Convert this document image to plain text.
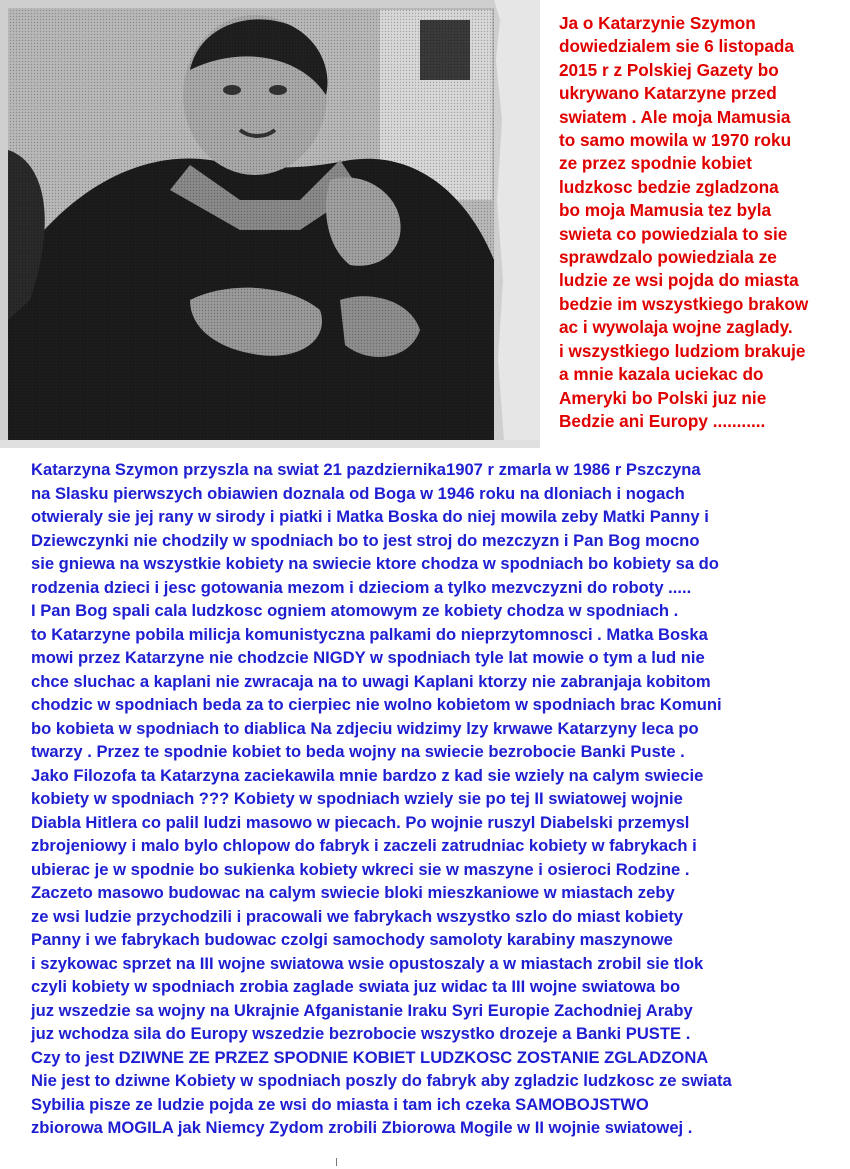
Ja o Katarzynie Szymon
dowiedzialem sie 6 listopada
2015 r z Polskiej Gazety bo
ukrywano Katarzyne przed
swiatem . Ale moja Mamusia
to samo mowila w 1970 roku
ze przez spodnie kobiet
ludzkosc bedzie zgladzona
bo moja Mamusia tez byla
swieta co powiedziala to sie
sprawdzalo powiedziala ze
ludzie ze wsi pojda do miasta
bedzie im wszystkiego brakow
ac i wywolaja wojne zaglady.
i wszystkiego ludziom brakuje
a mnie kazala uciekac do
Ameryki bo Polski juz nie
Bedzie ani Europy ...........
Katarzyna Szymon przyszla na swiat 21 pazdziernika1907 r zmarla w 1986 r Pszczyna
na Slasku pierwszych obiawien doznala od Boga w 1946 roku na dloniach i nogach
otwieraly sie jej rany w sirody i piatki i Matka Boska do niej mowila zeby Matki Panny i
Dziewczynki nie chodzily w spodniach bo to jest stroj do mezczyzn i Pan Bog mocno
sie gniewa na wszystkie kobiety na swiecie ktore chodza w spodniach bo kobiety sa do
rodzenia dzieci i jesc gotowania mezom i dzieciom a tylko mezvczyzni do roboty .....
I Pan Bog spali cala ludzkosc ogniem atomowym ze kobiety chodza w spodniach .
to Katarzyne pobila milicja komunistyczna palkami do nieprzytomnosci . Matka Boska
mowi przez Katarzyne nie chodzcie NIGDY w spodniach tyle lat mowie o tym a lud nie
chce sluchac a kaplani nie zwracaja na to uwagi Kaplani ktorzy nie zabranjaja kobitom
chodzic w spodniach beda za to cierpiec nie wolno kobietom w spodniach brac Komuni
bo kobieta w spodniach to diablica Na zdjeciu widzimy lzy krwawe Katarzyny leca po
twarzy . Przez te spodnie kobiet to beda wojny na swiecie bezrobocie Banki Puste .
Jako Filozofa ta Katarzyna zaciekawila mnie bardzo z kad sie wziely na calym swiecie
kobiety w spodniach ??? Kobiety w spodniach wziely sie po tej II swiatowej wojnie
Diabla Hitlera co palil ludzi masowo w piecach. Po wojnie ruszyl Diabelski przemysl
zbrojeniowy i malo bylo chlopow do fabryk i zaczeli zatrudniac kobiety w fabrykach i
ubierac je w spodnie bo sukienka kobiety wkreci sie w maszyne i osieroci Rodzine .
Zaczeto masowo budowac na calym swiecie bloki mieszkaniowe w miastach zeby
ze wsi ludzie przychodzili i pracowali we fabrykach wszystko szlo do miast kobiety
Panny i we fabrykach budowac czolgi samochody samoloty karabiny maszynowe
i szykowac sprzet na III wojne swiatowa wsie opustoszaly a w miastach zrobil sie tlok
czyli kobiety w spodniach zrobia zaglade swiata juz widac ta III wojne swiatowa bo
juz wszedzie sa wojny na Ukrajnie Afganistanie Iraku Syri Europie Zachodniej Araby
juz wchodza sila do Europy wszedzie bezrobocie wszystko drozeje a Banki PUSTE .
Czy to jest DZIWNE ZE PRZEZ SPODNIE KOBIET LUDZKOSC ZOSTANIE ZGLADZONA
Nie jest to dziwne Kobiety w spodniach poszly do fabryk aby zgladzic ludzkosc ze swiata
Sybilia pisze ze ludzie pojda ze wsi do miasta i tam ich czeka SAMOBOJSTWO
zbiorowa MOGILA jak Niemcy Zydom zrobili Zbiorowa Mogile w II wojnie swiatowej .
